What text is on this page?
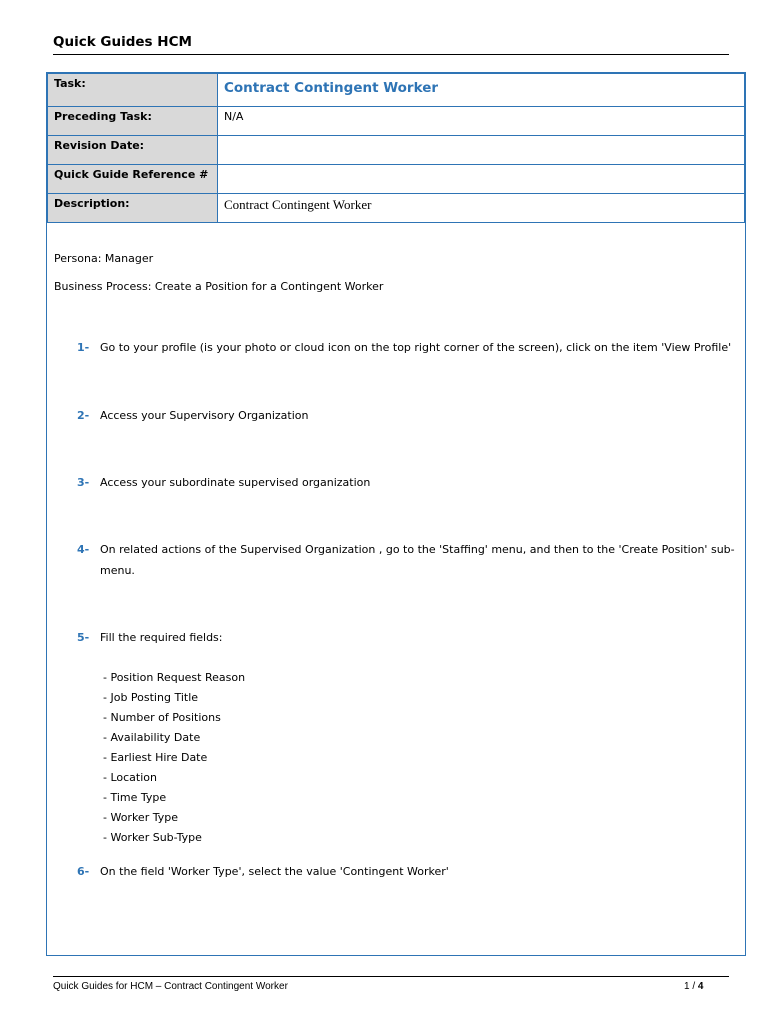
Quick Guides HCM
Task:	Contract Contingent Worker
Preceding Task:	N/A
Revision Date:	
Quick Guide Reference #	
Description:	Contract Contingent Worker
Persona: Manager
Business Process: Create a Position for a Contingent Worker
1- Go to your profile (is your photo or cloud icon on the top right corner of the screen), click on the item 'View Profile'
2- Access your Supervisory Organization
3- Access your subordinate supervised organization
4- On related actions of the Supervised Organization , go to the 'Staffing' menu, and then to the 'Create Position' sub-menu.
5- Fill the required fields:
- Position Request Reason
- Job Posting Title
- Number of Positions
- Availability Date
- Earliest Hire Date
- Location
- Time Type
- Worker Type
- Worker Sub-Type
6- On the field 'Worker Type', select the value 'Contingent Worker'
Quick Guides for HCM – Contract Contingent Worker	1 / 4
